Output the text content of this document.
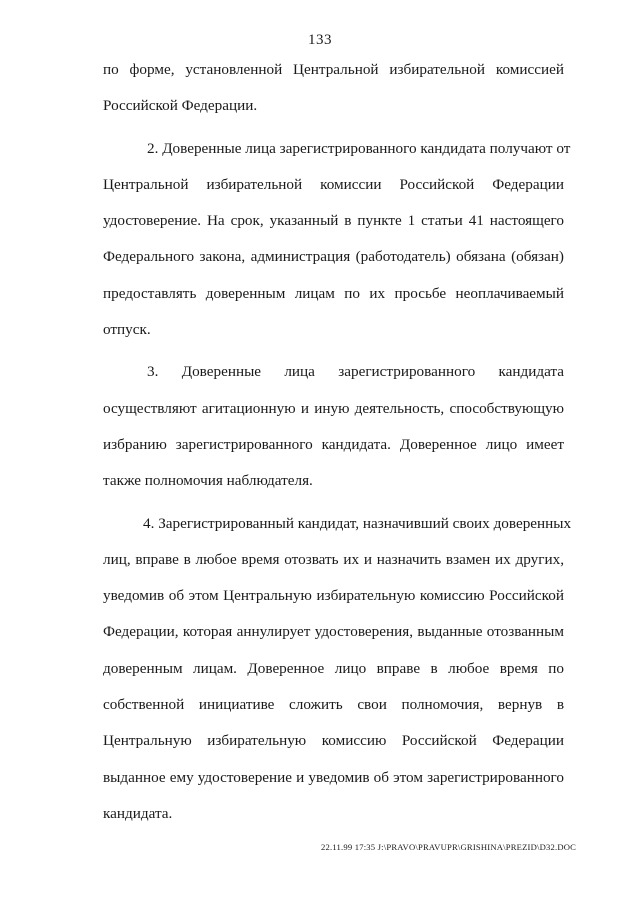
133
по форме, установленной Центральной избирательной комиссией
Российской Федерации.
2. Доверенные лица зарегистрированного кандидата получают от
Центральной избирательной комиссии Российской Федерации
удостоверение. На срок, указанный в пункте 1 статьи 41 настоящего
Федерального закона, администрация (работодатель) обязана (обязан)
предоставлять доверенным лицам по их просьбе неоплачиваемый
отпуск.
3. Доверенные лица зарегистрированного кандидата
осуществляют агитационную и иную деятельность, способствующую
избранию зарегистрированного кандидата. Доверенное лицо имеет
также полномочия наблюдателя.
4. Зарегистрированный кандидат, назначивший своих доверенных
лиц, вправе в любое время отозвать их и назначить взамен их других,
уведомив об этом Центральную избирательную комиссию Российской
Федерации, которая аннулирует удостоверения, выданные отозванным
доверенным лицам. Доверенное лицо вправе в любое время по
собственной инициативе сложить свои полномочия, вернув в
Центральную избирательную комиссию Российской Федерации
выданное ему удостоверение и уведомив об этом зарегистрированного
кандидата.
22.11.99 17:35 J:\PRAVO\PRAVUPR\GRISHINA\PREZID\D32.DOC
